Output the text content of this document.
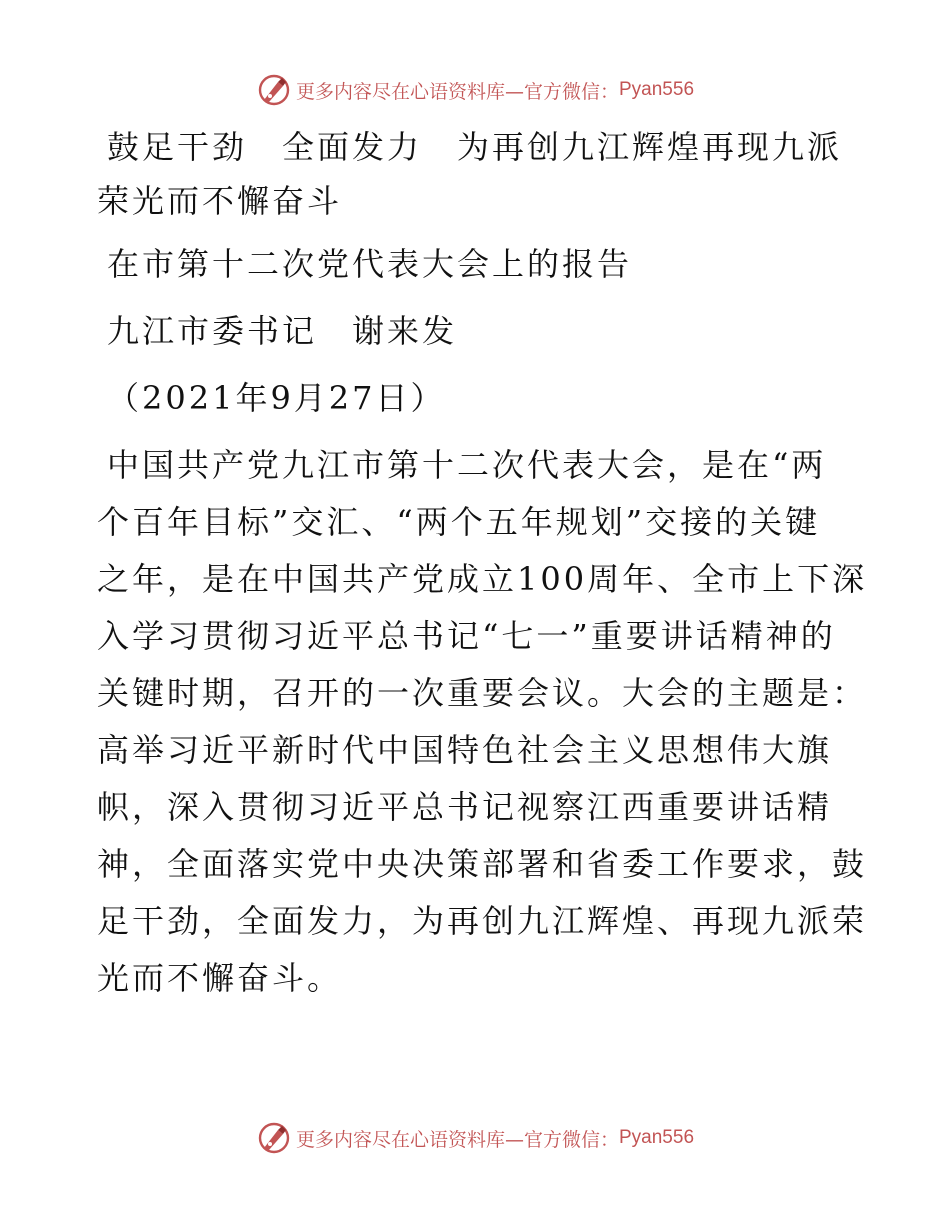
更多内容尽在心语资料库—官方微信： Pyan556
鼓足干劲　全面发力　为再创九江辉煌再现九派
荣光而不懈奋斗
在市第十二次党代表大会上的报告
九江市委书记　谢来发
（2021年9月27日）
中国共产党九江市第十二次代表大会，是在“两
个百年目标”交汇、“两个五年规划”交接的关键
之年，是在中国共产党成立100周年、全市上下深
入学习贯彻习近平总书记“七一”重要讲话精神的
关键时期，召开的一次重要会议。大会的主题是：
高举习近平新时代中国特色社会主义思想伟大旗
帜，深入贯彻习近平总书记视察江西重要讲话精
神，全面落实党中央决策部署和省委工作要求，鼓
足干劲，全面发力，为再创九江辉煌、再现九派荣
光而不懈奋斗。
更多内容尽在心语资料库—官方微信： Pyan556
